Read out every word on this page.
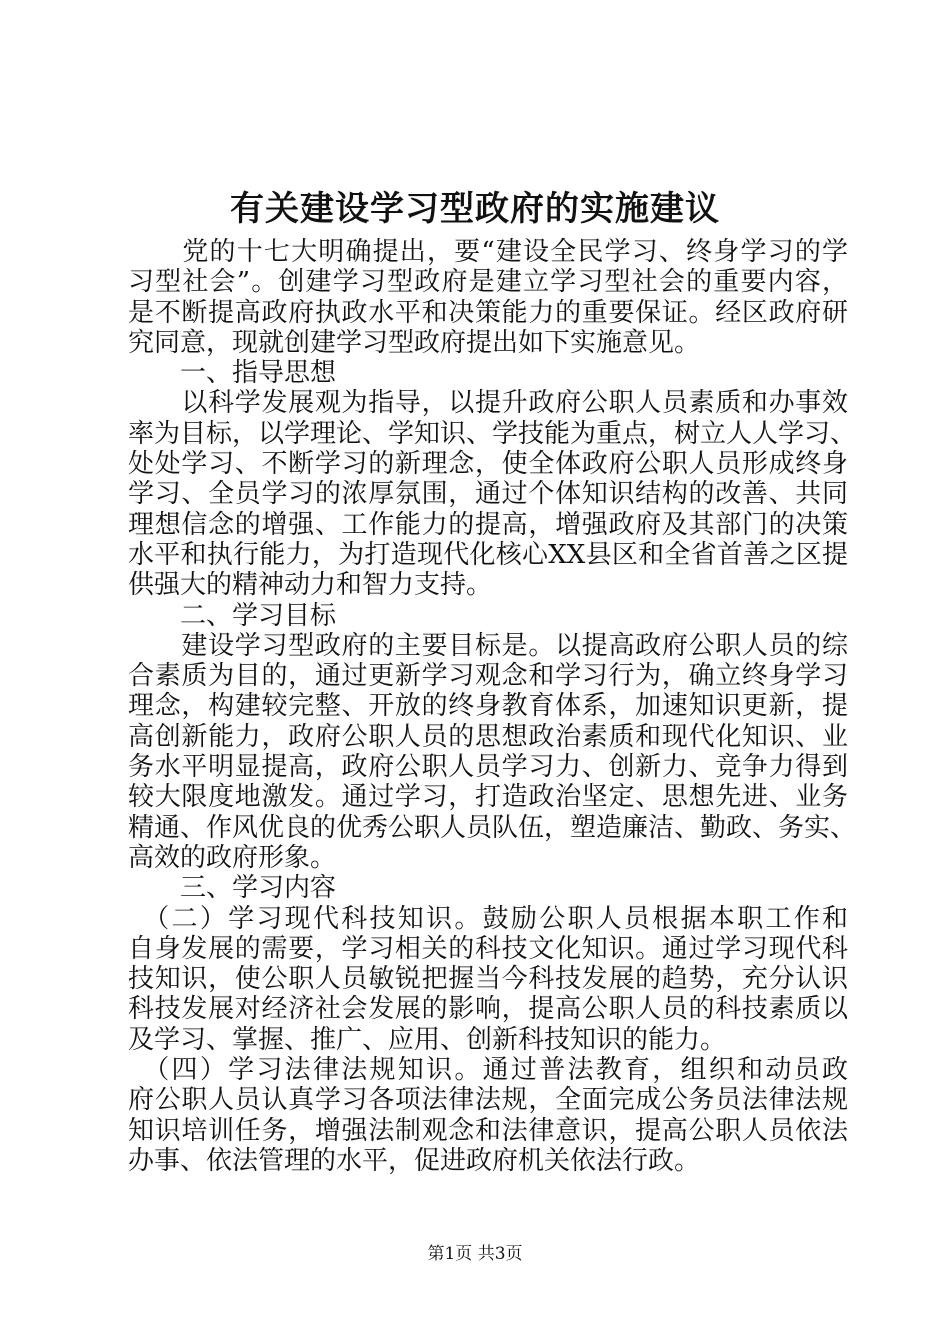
有关建设学习型政府的实施建议
　　党的十七大明确提出，要“建设全民学习、终身学习的学
习型社会”。创建学习型政府是建立学习型社会的重要内容，
是不断提高政府执政水平和决策能力的重要保证。经区政府研
究同意，现就创建学习型政府提出如下实施意见。
　　一、指导思想
　　以科学发展观为指导，以提升政府公职人员素质和办事效
率为目标，以学理论、学知识、学技能为重点，树立人人学习、
处处学习、不断学习的新理念，使全体政府公职人员形成终身
学习、全员学习的浓厚氛围，通过个体知识结构的改善、共同
理想信念的增强、工作能力的提高，增强政府及其部门的决策
水平和执行能力，为打造现代化核心XX县区和全省首善之区提
供强大的精神动力和智力支持。
　　二、学习目标
　　建设学习型政府的主要目标是。以提高政府公职人员的综
合素质为目的，通过更新学习观念和学习行为，确立终身学习
理念，构建较完整、开放的终身教育体系，加速知识更新，提
高创新能力，政府公职人员的思想政治素质和现代化知识、业
务水平明显提高，政府公职人员学习力、创新力、竞争力得到
较大限度地激发。通过学习，打造政治坚定、思想先进、业务
精通、作风优良的优秀公职人员队伍，塑造廉洁、勤政、务实、
高效的政府形象。
　　三、学习内容
　（二）学习现代科技知识。鼓励公职人员根据本职工作和
自身发展的需要，学习相关的科技文化知识。通过学习现代科
技知识，使公职人员敏锐把握当今科技发展的趋势，充分认识
科技发展对经济社会发展的影响，提高公职人员的科技素质以
及学习、掌握、推广、应用、创新科技知识的能力。
　（四）学习法律法规知识。通过普法教育，组织和动员政
府公职人员认真学习各项法律法规，全面完成公务员法律法规
知识培训任务，增强法制观念和法律意识，提高公职人员依法
办事、依法管理的水平，促进政府机关依法行政。
第1页 共3页
